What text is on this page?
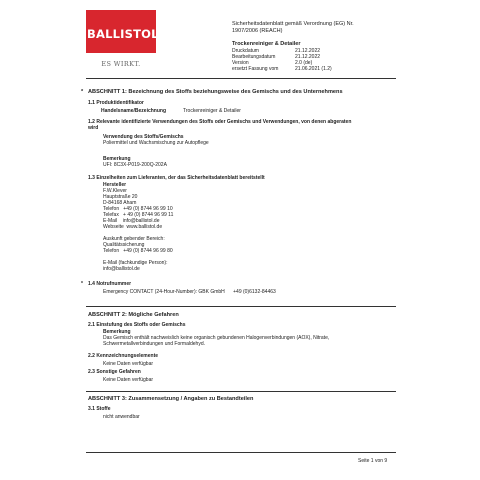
BALLISTOL
ES WIRKT.
Sicherheitsdatenblatt gemäß Verordnung (EG) Nr.
1907/2006 (REACH)
Trockenreiniger & Detailer
Druckdatum	21.12.2022
Bearbeitungsdatum	21.12.2022
Version	2.0 (de)
ersetzt Fassung vom	21.06.2021 (1.2)
* ABSCHNITT 1: Bezeichnung des Stoffs beziehungsweise des Gemischs und des Unternehmens
1.1 Produktidentifikator
Handelsname/Bezeichnung	Trockenreiniger & Detailer
1.2 Relevante identifizierte Verwendungen des Stoffs oder Gemischs und Verwendungen, von denen abgeraten
wird
Verwendung des Stoffs/Gemischs
Poliermittel und Wachsmischung zur Autopflege
Bemerkung
UFI: 8C3X-P019-200Q-202A
1.3 Einzelheiten zum Lieferanten, der das Sicherheitsdatenblatt bereitstellt
Hersteller
F.W.Klever
Hauptstraße 20
D-84168 Aham
Telefon   +49 (0) 8744 96 99 10
Telefax   + 49 (0) 8744 96 99 11
E-Mail    info@ballistol.de
Webseite  www.ballistol.de
Auskunft gebender Bereich:
Qualitätssicherung
Telefon   +49 (0) 8744 96 99 80
E-Mail (fachkundige Person):
info@ballistol.de
* 1.4 Notrufnummer
Emergency CONTACT (24-Hour-Number): GBK GmbH      +49 (0)6132-84463
ABSCHNITT 2: Mögliche Gefahren
2.1 Einstufung des Stoffs oder Gemischs
Bemerkung
Das Gemisch enthält nachweislich keine organisch gebundenen Halogenverbindungen (AOX), Nitrate,
Schwermetallverbindungen und Formaldehyd.
2.2 Kennzeichnungselemente
Keine Daten verfügbar
2.3 Sonstige Gefahren
Keine Daten verfügbar
ABSCHNITT 3: Zusammensetzung / Angaben zu Bestandteilen
3.1 Stoffe
nicht anwendbar
Seite 1 von 9
